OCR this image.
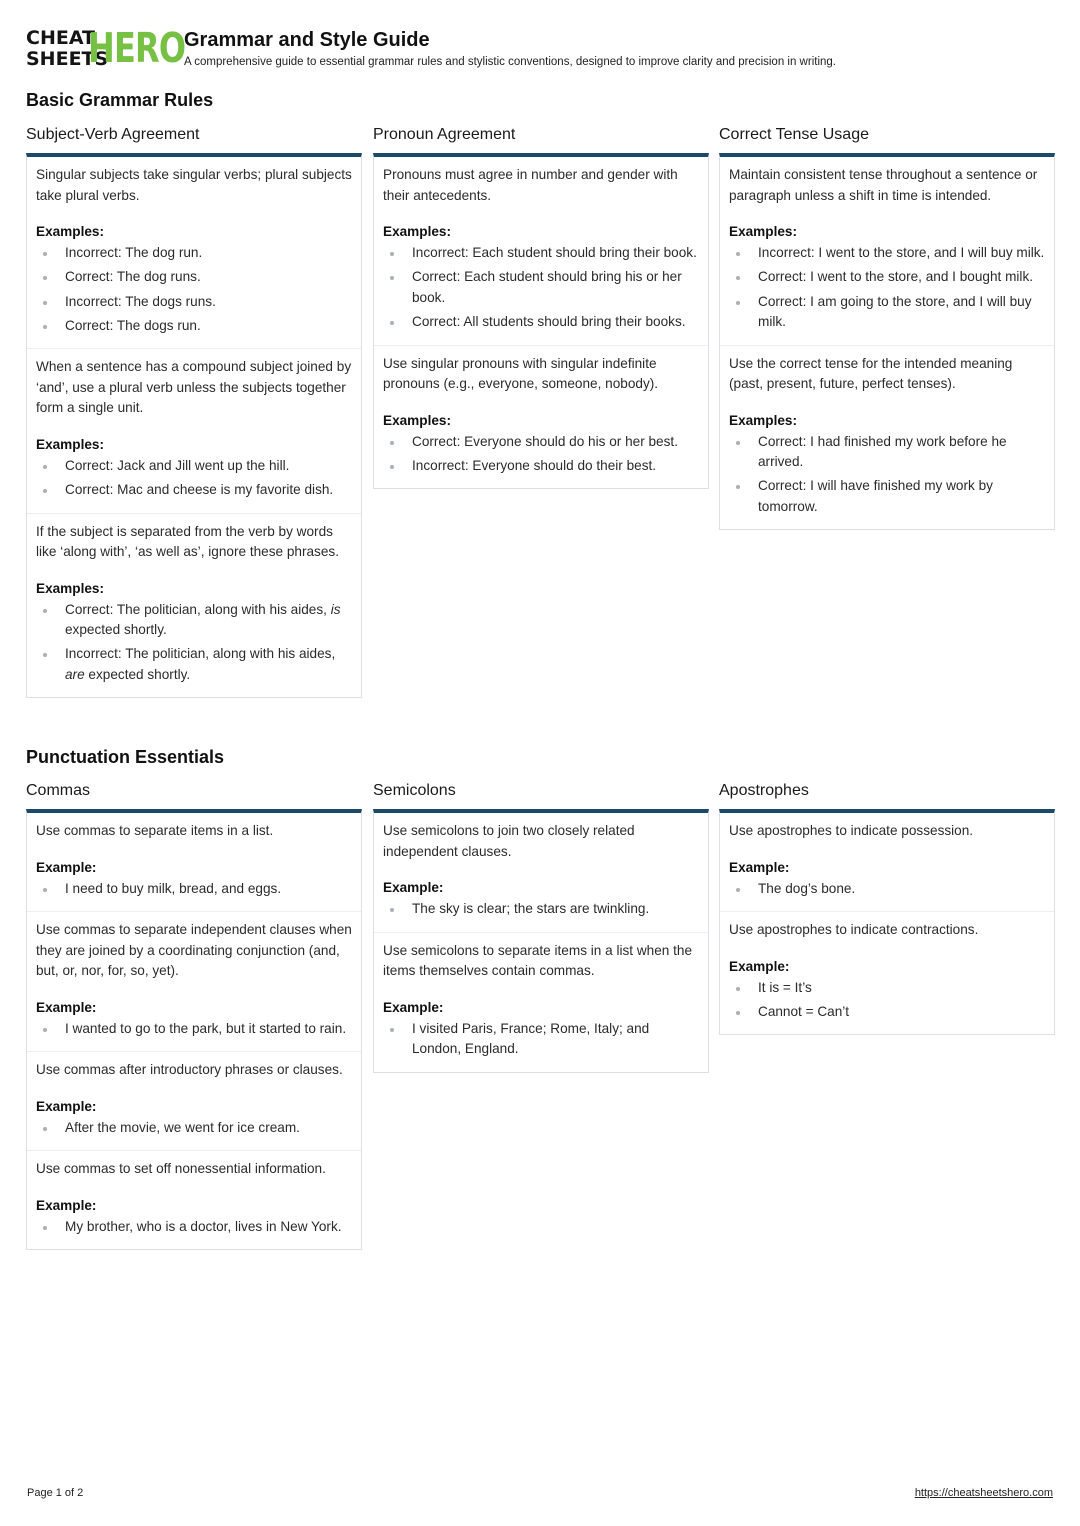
CHEAT
SHEETS
HERO
Grammar and Style Guide
A comprehensive guide to essential grammar rules and stylistic conventions, designed to improve clarity and precision in writing.
Basic Grammar Rules
Subject-Verb Agreement
Singular subjects take singular verbs; plural subjects take plural verbs.
Examples:
Incorrect: The dog run.
Correct: The dog runs.
Incorrect: The dogs runs.
Correct: The dogs run.
When a sentence has a compound subject joined by ‘and’, use a plural verb unless the subjects together form a single unit.
Examples:
Correct: Jack and Jill went up the hill.
Correct: Mac and cheese is my favorite dish.
If the subject is separated from the verb by words like ‘along with’, ‘as well as’, ignore these phrases.
Examples:
Correct: The politician, along with his aides, is expected shortly.
Incorrect: The politician, along with his aides, are expected shortly.
Pronoun Agreement
Pronouns must agree in number and gender with their antecedents.
Examples:
Incorrect: Each student should bring their book.
Correct: Each student should bring his or her book.
Correct: All students should bring their books.
Use singular pronouns with singular indefinite pronouns (e.g., everyone, someone, nobody).
Examples:
Correct: Everyone should do his or her best.
Incorrect: Everyone should do their best.
Correct Tense Usage
Maintain consistent tense throughout a sentence or paragraph unless a shift in time is intended.
Examples:
Incorrect: I went to the store, and I will buy milk.
Correct: I went to the store, and I bought milk.
Correct: I am going to the store, and I will buy milk.
Use the correct tense for the intended meaning (past, present, future, perfect tenses).
Examples:
Correct: I had finished my work before he arrived.
Correct: I will have finished my work by tomorrow.
Punctuation Essentials
Commas
Use commas to separate items in a list.
Example:
I need to buy milk, bread, and eggs.
Use commas to separate independent clauses when they are joined by a coordinating conjunction (and, but, or, nor, for, so, yet).
Example:
I wanted to go to the park, but it started to rain.
Use commas after introductory phrases or clauses.
Example:
After the movie, we went for ice cream.
Use commas to set off nonessential information.
Example:
My brother, who is a doctor, lives in New York.
Semicolons
Use semicolons to join two closely related independent clauses.
Example:
The sky is clear; the stars are twinkling.
Use semicolons to separate items in a list when the items themselves contain commas.
Example:
I visited Paris, France; Rome, Italy; and London, England.
Apostrophes
Use apostrophes to indicate possession.
Example:
The dog’s bone.
Use apostrophes to indicate contractions.
Example:
It is = It’s
Cannot = Can’t
Page 1 of 2	https://cheatsheetshero.com
